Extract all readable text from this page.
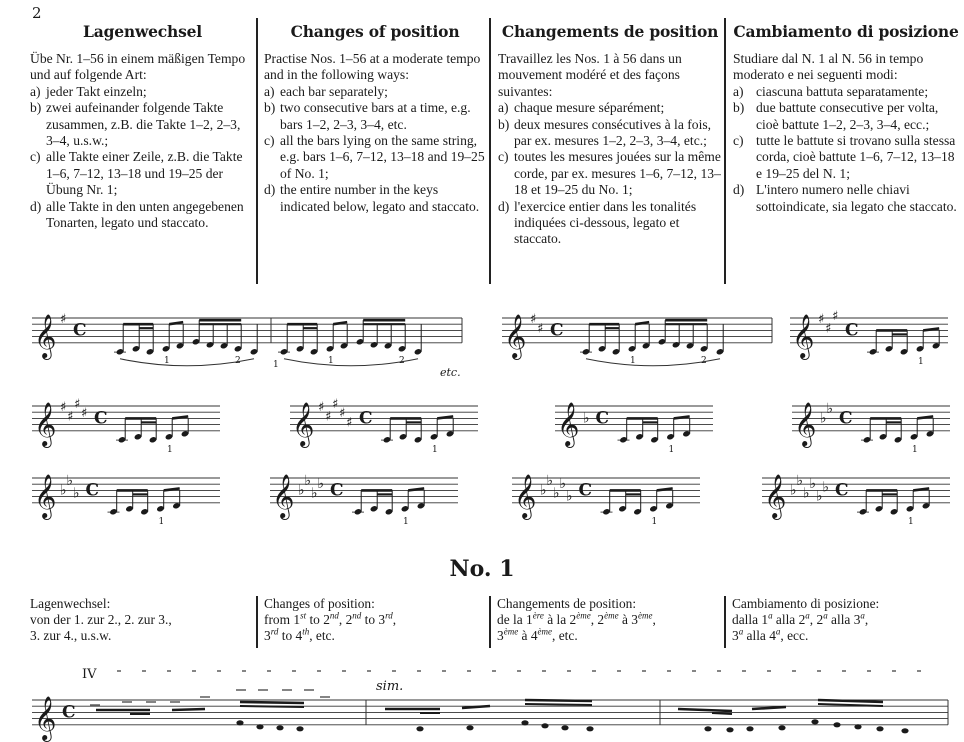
2
Lagenwechsel

Übe Nr. 1–56 in einem mäßigen Tempo und auf folgende Art:

a) jeder Takt einzeln;
b) zwei aufeinander folgende Takte zusammen, z.B. die Takte 1–2, 2–3, 3–4, u.s.w.;
c) alle Takte einer Zeile, z.B. die Takte 1–6, 7–12, 13–18 und 19–25 der Übung Nr. 1;
d) alle Takte in den unten angegebenen Tonarten, legato und staccato.
Changes of position

Practise Nos. 1–56 at a moderate tempo and in the following ways:

a) each bar separately;
b) two consecutive bars at a time, e.g. bars 1–2, 2–3, 3–4, etc.
c) all the bars lying on the same string, e.g. bars 1–6, 7–12, 13–18 and 19–25 of No. 1;
d) the entire number in the keys indicated below, legato and staccato.
Changements de position

Travaillez les Nos. 1 à 56 dans un mouvement modéré et des façons suivantes:

a) chaque mesure séparément;
b) deux mesures consécutives à la fois, par ex. mesures 1–2, 2–3, 3–4, etc.;
c) toutes les mesures jouées sur la même corde, par ex. mesures 1–6, 7–12, 13–18 et 19–25 du No. 1;
d) l'exercice entier dans les tonalités indiquées ci-dessous, legato et staccato.
Cambiamento di posizione

Studiare dal N. 1 al N. 56 in tempo moderato e nei seguenti modi:

a) ciascuna battuta separatamente;
b) due battute consecutive per volta, cioè battute 1–2, 2–3, 3–4, ecc.;
c) tutte le battute si trovano sulla stessa corda, cioè battute 1–6, 7–12, 13–18 e 19–25 del N. 1;
d) L'intero numero nelle chiavi sottoindicate, sia legato che staccato.
𝄞 ♯
C
1	2	1	2
1
etc.
𝄞 ♯
♯ C
1	2
𝄞 ♯
♯
♯
C
1
𝄞 ♯
♯
♯
♯ C
1
𝄞 ♯
♯
♯
♯
♯ C
1
𝄞 ♭ C
1
𝄞 ♭
♭ C
1
𝄞 ♭
♭
♭ C
1
𝄞 ♭
♭
♭
♭ C
1
𝄞 ♭
♭
♭
♭
♭ C
1
𝄞 ♭
♭
♭
♭
♭
♭ C
1
No. 1
Lagenwechsel:
von der 1. zur 2., 2. zur 3.,
3. zur 4., u.s.w.
Changes of position:
from 1st to 2nd, 2nd to 3rd,
3rd to 4th, etc.
Changements de position:
de la 1ère à la 2ème, 2ème à 3ème,
3ème à 4ème, etc.
Cambiamento di posizione:
dalla 1$^a$ alla 2$^a$, 2$^a$ alla 3$^a$,
3$^a$ alla 4$^a$, ecc.
𝄞 C
IV
sim.
